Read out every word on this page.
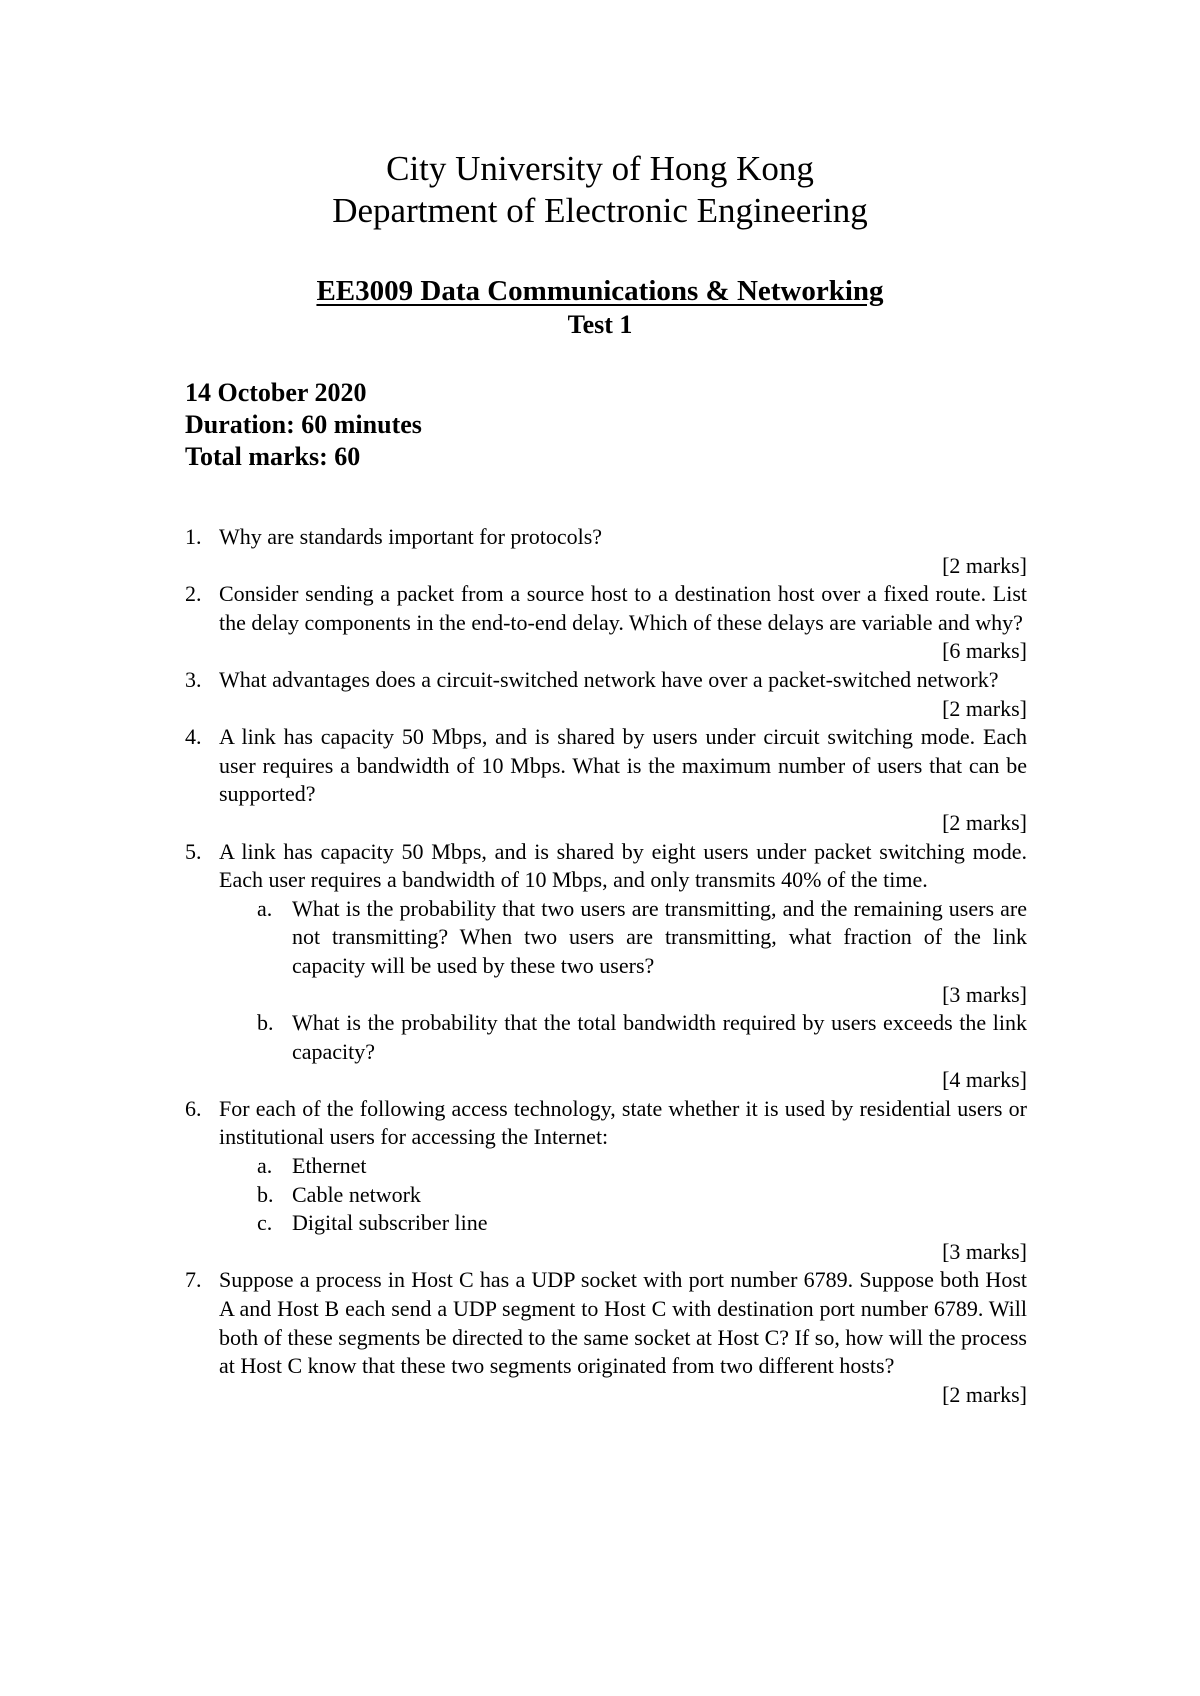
City University of Hong Kong
Department of Electronic Engineering
EE3009 Data Communications & Networking
Test 1
14 October 2020
Duration: 60 minutes
Total marks: 60
1. Why are standards important for protocols?
[2 marks]
2. Consider sending a packet from a source host to a destination host over a fixed route. List the delay components in the end-to-end delay. Which of these delays are variable and why?
[6 marks]
3. What advantages does a circuit-switched network have over a packet-switched network?
[2 marks]
4. A link has capacity 50 Mbps, and is shared by users under circuit switching mode. Each user requires a bandwidth of 10 Mbps. What is the maximum number of users that can be supported?
[2 marks]
5. A link has capacity 50 Mbps, and is shared by eight users under packet switching mode. Each user requires a bandwidth of 10 Mbps, and only transmits 40% of the time.
a. What is the probability that two users are transmitting, and the remaining users are not transmitting? When two users are transmitting, what fraction of the link capacity will be used by these two users?
[3 marks]
b. What is the probability that the total bandwidth required by users exceeds the link capacity?
[4 marks]
6. For each of the following access technology, state whether it is used by residential users or institutional users for accessing the Internet:
a. Ethernet
b. Cable network
c. Digital subscriber line
[3 marks]
7. Suppose a process in Host C has a UDP socket with port number 6789. Suppose both Host A and Host B each send a UDP segment to Host C with destination port number 6789. Will both of these segments be directed to the same socket at Host C? If so, how will the process at Host C know that these two segments originated from two different hosts?
[2 marks]
